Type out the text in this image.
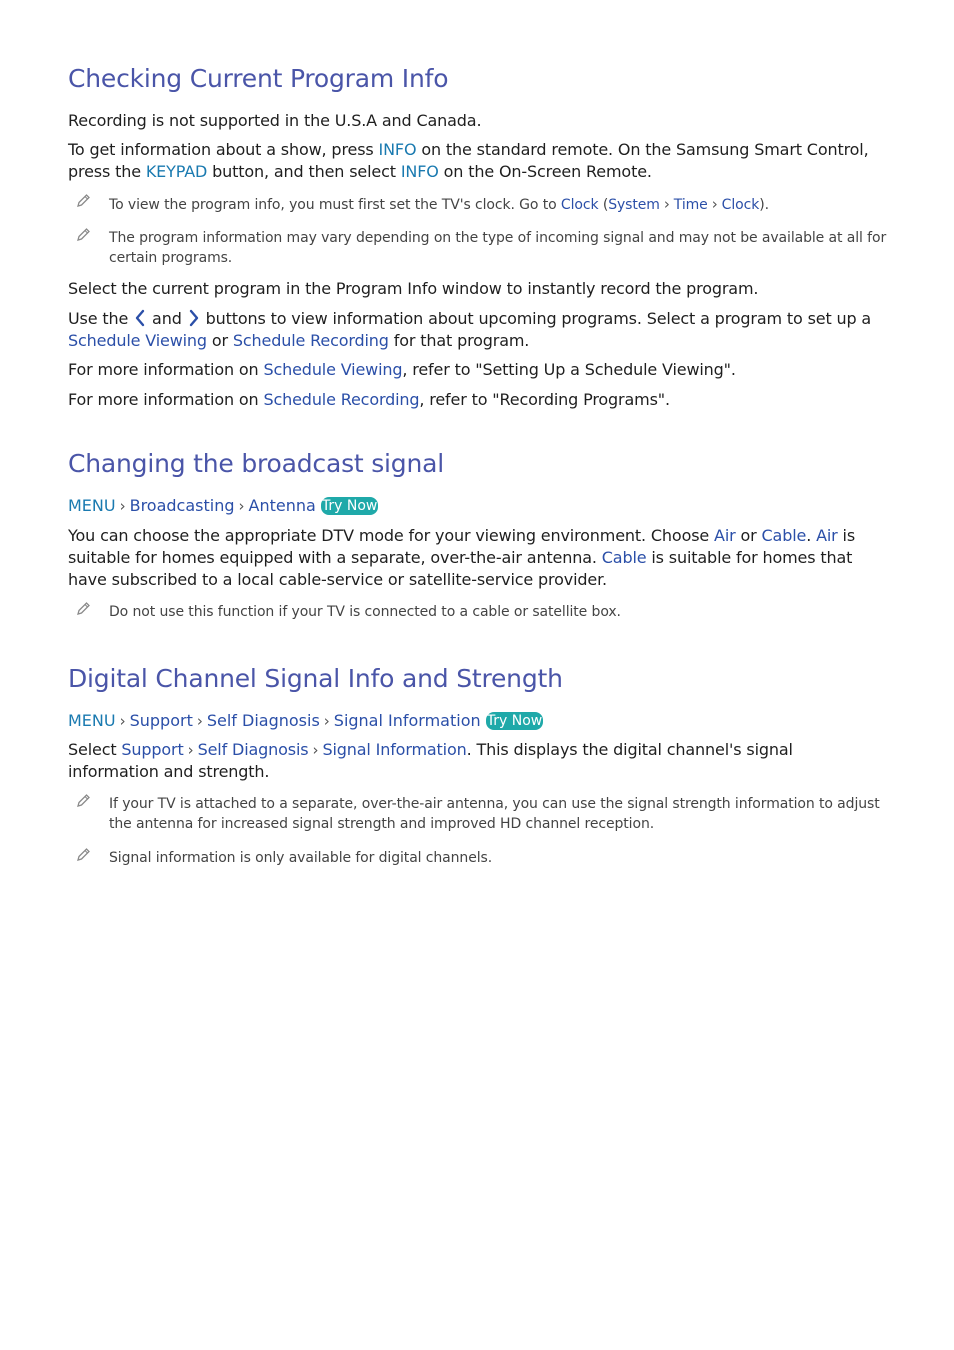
Checking Current Program Info

Recording is not supported in the U.S.A and Canada.

To get information about a show, press INFO on the standard remote. On the Samsung Smart Control, press the KEYPAD button, and then select INFO on the On-Screen Remote.

To view the program info, you must first set the TV's clock. Go to Clock (System › Time › Clock).
The program information may vary depending on the type of incoming signal and may not be available at all for certain programs.

Select the current program in the Program Info window to instantly record the program.

Use the  and  buttons to view information about upcoming programs. Select a program to set up a Schedule Viewing or Schedule Recording for that program.

For more information on Schedule Viewing, refer to "Setting Up a Schedule Viewing".

For more information on Schedule Recording, refer to "Recording Programs".

Changing the broadcast signal
MENU › Broadcasting › Antenna Try Now

You can choose the appropriate DTV mode for your viewing environment. Choose Air or Cable. Air is suitable for homes equipped with a separate, over-the-air antenna. Cable is suitable for homes that have subscribed to a local cable-service or satellite-service provider.

Do not use this function if your TV is connected to a cable or satellite box.
Digital Channel Signal Info and Strength
MENU › Support › Self Diagnosis › Signal Information Try Now

Select Support › Self Diagnosis › Signal Information. This displays the digital channel's signal information and strength.

If your TV is attached to a separate, over-the-air antenna, you can use the signal strength information to adjust the antenna for increased signal strength and improved HD channel reception.
Signal information is only available for digital channels.
